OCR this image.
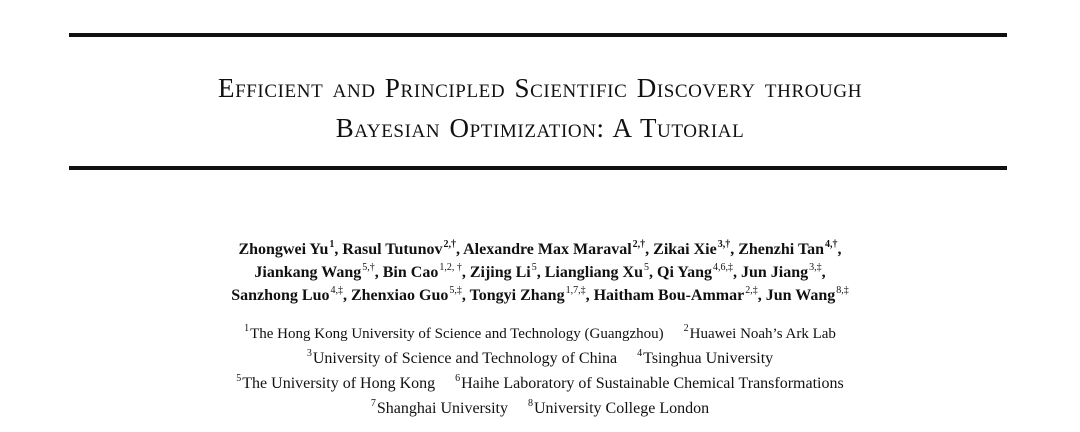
Efficient and Principled Scientific Discovery through
Bayesian Optimization: A Tutorial
Zhongwei Yu$^1$, Rasul Tutunov$^{2,\dagger}$, Alexandre Max Maraval$^{2,\dagger}$, Zikai Xie$^{3,\dagger}$, Zhenzhi Tan$^{4,\dagger}$,
Jiankang Wang$^{5,\dagger}$, Bin Cao$^{1,2, \dagger}$, Zijing Li$^5$, Liangliang Xu$^5$, Qi Yang$^{4,6,\ddagger}$, Jun Jiang$^{3,\ddagger}$,
Sanzhong Luo$^{4,\ddagger}$, Zhenxiao Guo$^{5,\ddagger}$, Tongyi Zhang$^{1,7,\ddagger}$, Haitham Bou-Ammar$^{2,\ddagger}$, Jun Wang$^{8,\ddagger}$
$^1$The Hong Kong University of Science and Technology (Guangzhou) $^2$Huawei Noah’s Ark Lab
$^3$University of Science and Technology of China $^4$Tsinghua University
$^5$The University of Hong Kong $^6$Haihe Laboratory of Sustainable Chemical Transformations
$^7$Shanghai University $^8$University College London
